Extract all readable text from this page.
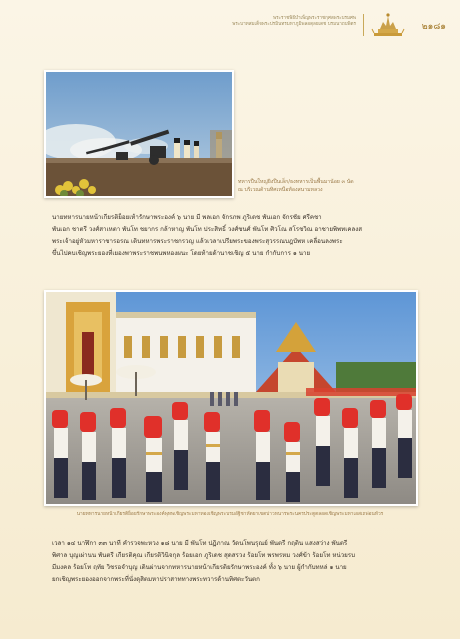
พระราชพิธีบำเพ็ญพระราชกุศลพระบรมศพ
พระบาทสมเด็จพระปรมินทรมหาภูมิพลอดุลยเดช บรมนาถบพิตร	๒๑๘๑
ทหารปืนใหญ่ยิงปืนเล็ก/ธงทหารเป็นพื้นมาน้อย ๓ นัด
ณ บริเวณด้านทิศเหนือท้องสนามหลวง
นายทหารนายหน้าเกียรติย็อยเท้ารักษาพระองค์ ๖ นาย มี พลเอก จักรภพ ภูริเดช พันเอก จักรชัย ศรีคชา
พันเอก ชาตรี วงศ์สาเหตา พันโท ชยากร กล้าหาญ พันโท ประสิทธิ์ วงศ์ชนศ์ พันโท ศิวโณ สโรชวิณ อาชายพิพทเคลงส
พระเจ้าอยู่หัวมหาราชารอรณ เดินทหารพระราชกรวญ แล้วเวลาเปรียพระของพระสุวรรณบฎบัพห เคลื่อนลงพระ
ขึ้นไปคบเชิญพระยองที่เยองพาพระราชพนพหองผนะ โดยท้ายด้านาชเชิญ ๕ นาย กำกับการ ๑ นาย
นายทหารนายหน้าเกียรติย็อยรักษาพระองค์พุทพเชิญพระมหาทองเชิญพระบรมอัฐิชาหัตยาเขตบ่าวหนารพระนครประตูตลอดเชิญพระมหาเอสเถพ่อนหัวร
เวลา ๑๔ นาฬิกา ๓๓ นาที คำรวจพะหวง ๑๘ นาย มี พันโท ปฏิภาณ วัดนโพนรุณย์ พันตรี กฤติน แสงสว่าง พันตรี
พิศาล บุญเผ่านน พันตรี เกียรติคุณ เกียรติวินิจกุล ร้อยเอก ภูริเดช สุดสรวง ร้อยโท พรพรหม วงศ์ข้า ร้อยโท หน่วยรบ
มีมงคล ร้อยโท ฤทัย วิชรอจำบุญ เดินผ่านจากทหารนายหน้าเกียรติยรักษาพระองค์ ทั้ง ๖ นาย ผู้กำกับทหล่ ๑ นาย
ยกเชิญพระยองออกจากพระที่นั่งดุสิตมหาปราสาททางพระทวารด้านทิศตะวันตก
